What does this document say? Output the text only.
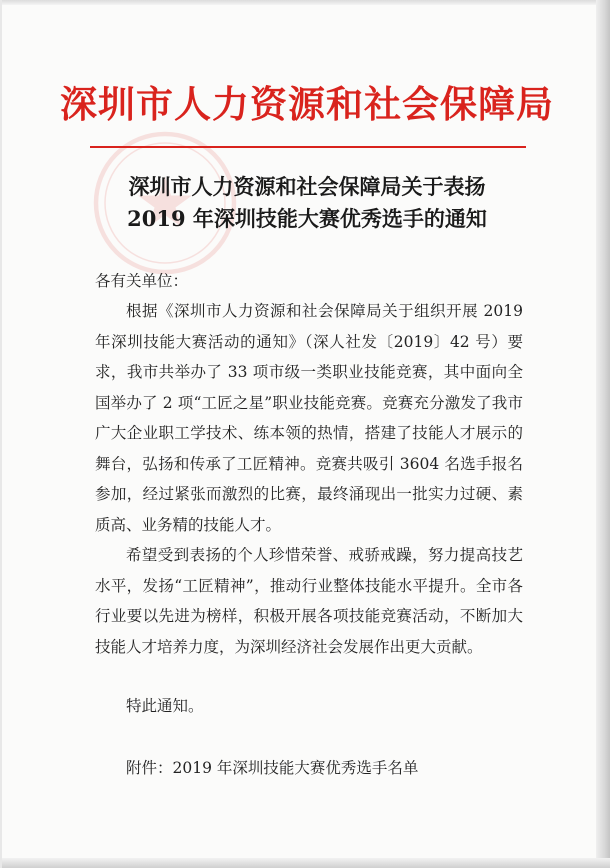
深圳市人力资源和社会保障局
深圳市人力资源和社会保障局关于表扬
2019 年深圳技能大赛优秀选手的通知

各有关单位：

根据《深圳市人力资源和社会保障局关于组织开展 2019 年深圳技能大赛活动的通知》（深人社发〔2019〕42 号）要求，我市共举办了 33 项市级一类职业技能竞赛，其中面向全国举办了 2 项“工匠之星”职业技能竞赛。竞赛充分激发了我市广大企业职工学技术、练本领的热情，搭建了技能人才展示的舞台，弘扬和传承了工匠精神。竞赛共吸引 3604 名选手报名参加，经过紧张而激烈的比赛，最终涌现出一批实力过硬、素质高、业务精的技能人才。

希望受到表扬的个人珍惜荣誉、戒骄戒躁，努力提高技艺水平，发扬“工匠精神”，推动行业整体技能水平提升。全市各行业要以先进为榜样，积极开展各项技能竞赛活动，不断加大技能人才培养力度，为深圳经济社会发展作出更大贡献。

特此通知。

附件：2019 年深圳技能大赛优秀选手名单
